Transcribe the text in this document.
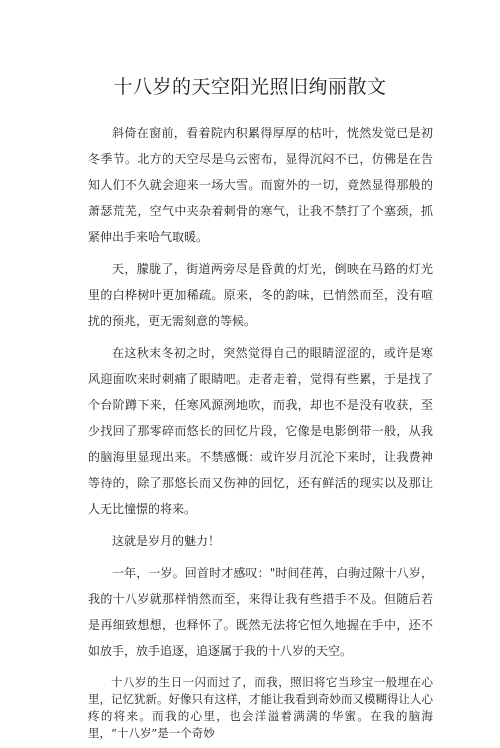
十八岁的天空阳光照旧绚丽散文

斜倚在窗前，看着院内积累得厚厚的枯叶，恍然发觉已是初冬季节。北方的天空尽是乌云密布，显得沉闷不已，仿佛是在告知人们不久就会迎来一场大雪。而窗外的一切，竟然显得那般的萧瑟荒芜，空气中夹杂着刺骨的寒气，让我不禁打了个塞颈，抓紧伸出手来哈气取暖。

天，朦胧了，街道两旁尽是昏黄的灯光，倒映在马路的灯光里的白桦树叶更加稀疏。原来，冬的韵味，已悄然而至，没有喧扰的预兆，更无需刻意的等候。

在这秋末冬初之时，突然觉得自己的眼睛涩涩的，或许是寒风迎面吹来时刺痛了眼睛吧。走者走着，觉得有些累，于是找了个台阶蹲下来，任寒风源洌地吹，而我，却也不是没有收获，至少找回了那零碎而悠长的回忆片段，它像是电影倒带一般，从我的脑海里显现出来。不禁感慨：或许岁月沉沦下来时，让我费神等待的，除了那悠长而又伤神的回忆，还有鲜活的现实以及那让人无比憧憬的将来。

这就是岁月的魅力！

一年，一岁。回首时才感叹："时间荏苒，白驹过隙十八岁，我的十八岁就那样悄然而至，来得让我有些措手不及。但随后若是再细致想想，也释怀了。既然无法将它恒久地握在手中，还不如放手，放手追逐，追逐属于我的十八岁的天空。

十八岁的生日一闪而过了，而我，照旧将它当珍宝一般埋在心里，记忆犹新。好像只有这样，才能让我看到奇妙而又模糊得让人心疼的将来。而我的心里，也会洋溢着满满的华蜜。在我的脑海里，“十八岁”是一个奇妙
